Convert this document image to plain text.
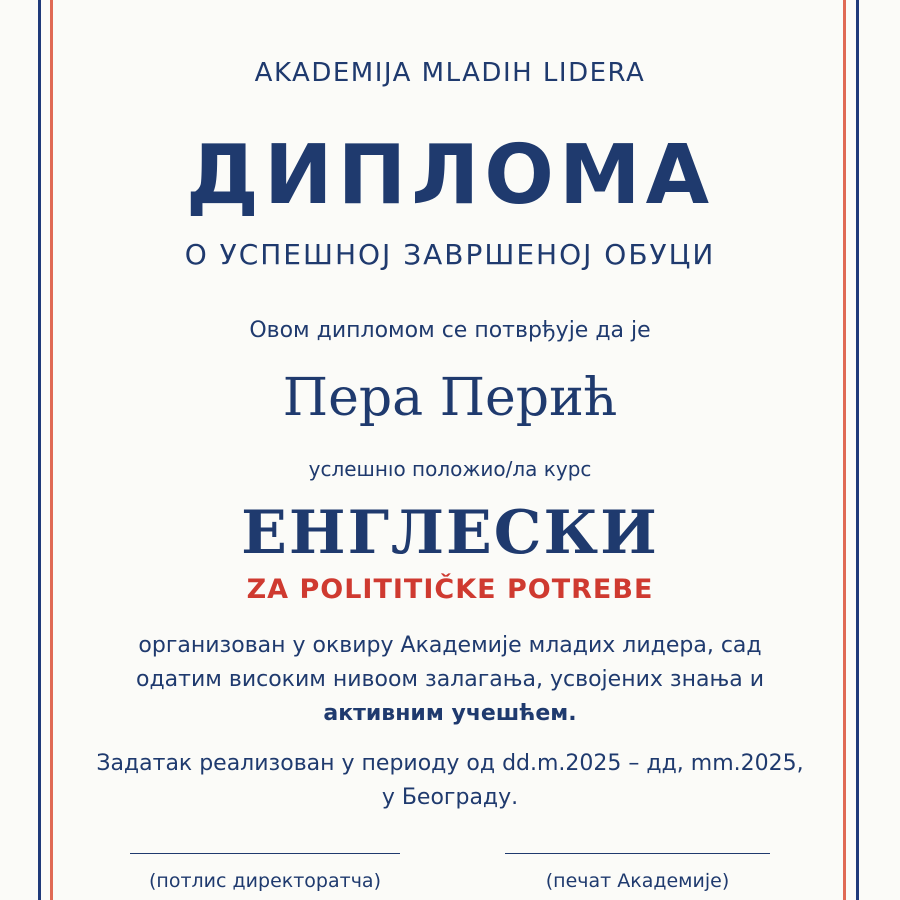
AKADEMIJA MLADIH LIDERA
ДИПЛОМА
О УСПЕШНОЈ ЗАВРШЕНОЈ ОБУЦИ
Овом дипломом се потврђује да је
Пера Перић
услешнıо положио/ла курс
ЕНГЛЕСКИ
ZA POLITITIČKE POTREBE
организован у оквиру Академије младих лидера, сад
одатим високим нивоом залагања, усвојених знања и
активним учешћем.
Задатак реализован у периоду од dd.m.2025 – дд, mm.2025,
у Београду.
(потлис директорaтча)	(печат Академије)
